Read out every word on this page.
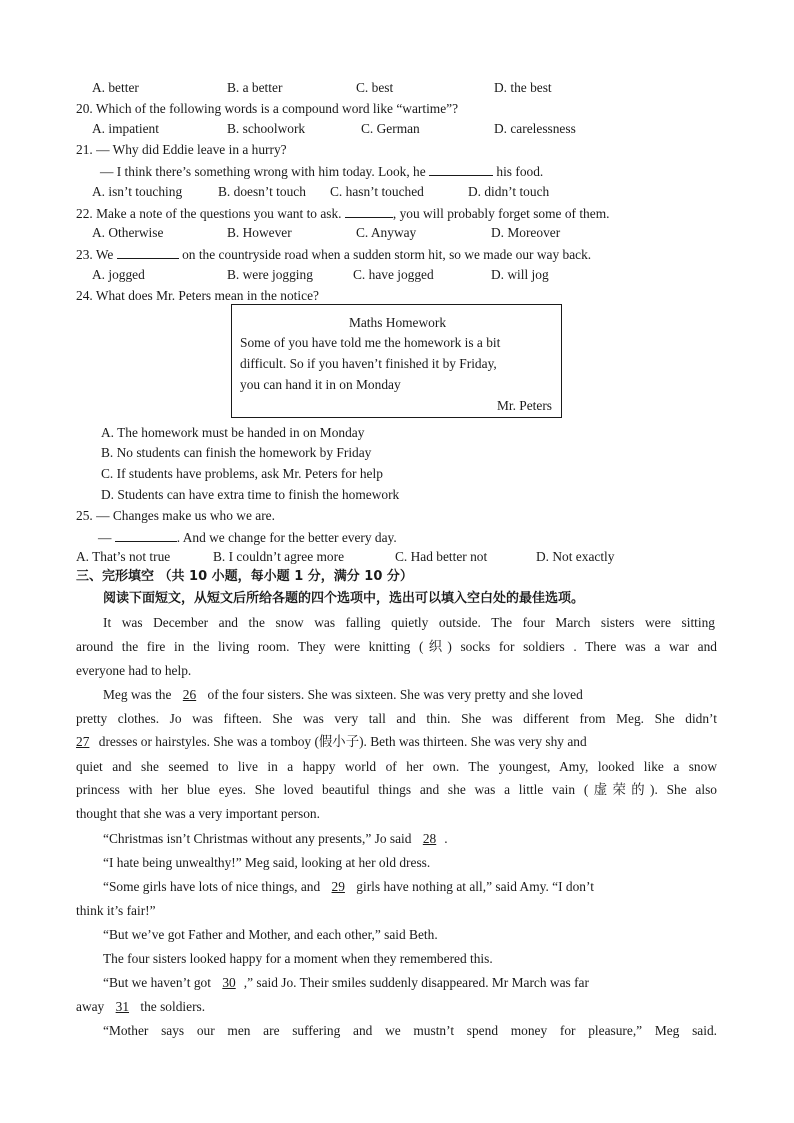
A. better	B. a better	C. best	D. the best
20. Which of the following words is a compound word like “wartime”?
A. impatient	B. schoolwork	C. German	D. carelessness
21. — Why did Eddie leave in a hurry?
— I think there’s something wrong with him today. Look, he	his food.
A. isn’t touching	B. doesn’t touch C. hasn’t touched	D. didn’t touch
22. Make a note of the questions you want to ask.	, you will probably forget some of them.
A. Otherwise	B. However	C. Anyway	D. Moreover
23. We	on the countryside road when a sudden storm hit, so we made our way back.
A. jogged	B. were jogging	C. have jogged	D. will jog
24. What does Mr. Peters mean in the notice?
Maths Homework
Some of you have told me the homework is a bit
difficult. So if you haven’t finished it by Friday,
you can hand it in on Monday
Mr. Peters
A. The homework must be handed in on Monday
B. No students can finish the homework by Friday
C. If students have problems, ask Mr. Peters for help
D. Students can have extra time to finish the homework
25. — Changes make us who we are.
—	. And we change for the better every day.
A. That’s not true	B. I couldn’t agree more	C. Had better not	D. Not exactly
三、完形填空 （共 10 小题，每小题 1 分，满分 10 分）
阅读下面短文，从短文后所给各题的四个选项中，选出可以填入空白处的最佳选项。
It was December and the snow was falling quietly outside. The four March sisters were sitting
around the fire in the living room. They were knitting (织) socks for soldiers . There was a war and
everyone had to help.
Meg was the 26 of the four sisters. She was sixteen. She was very pretty and she loved
pretty clothes. Jo was fifteen. She was very tall and thin. She was different from Meg. She didn’t
27 dresses or hairstyles. She was a tomboy (假小子). Beth was thirteen. She was very shy and
quiet and she seemed to live in a happy world of her own. The youngest, Amy, looked like a snow
princess with her blue eyes. She loved beautiful things and she was a little vain (虚荣的). She also
thought that she was a very important person.
“Christmas isn’t Christmas without any presents,” Jo said 28 .
“I hate being unwealthy!” Meg said, looking at her old dress.
“Some girls have lots of nice things, and 29 girls have nothing at all,” said Amy. “I don’t
think it’s fair!”
“But we’ve got Father and Mother, and each other,” said Beth.
The four sisters looked happy for a moment when they remembered this.
“But we haven’t got 30 ,” said Jo. Their smiles suddenly disappeared. Mr March was far
away 31 the soldiers.
“Mother says our men are suffering and we mustn’t spend money for pleasure,” Meg said.
